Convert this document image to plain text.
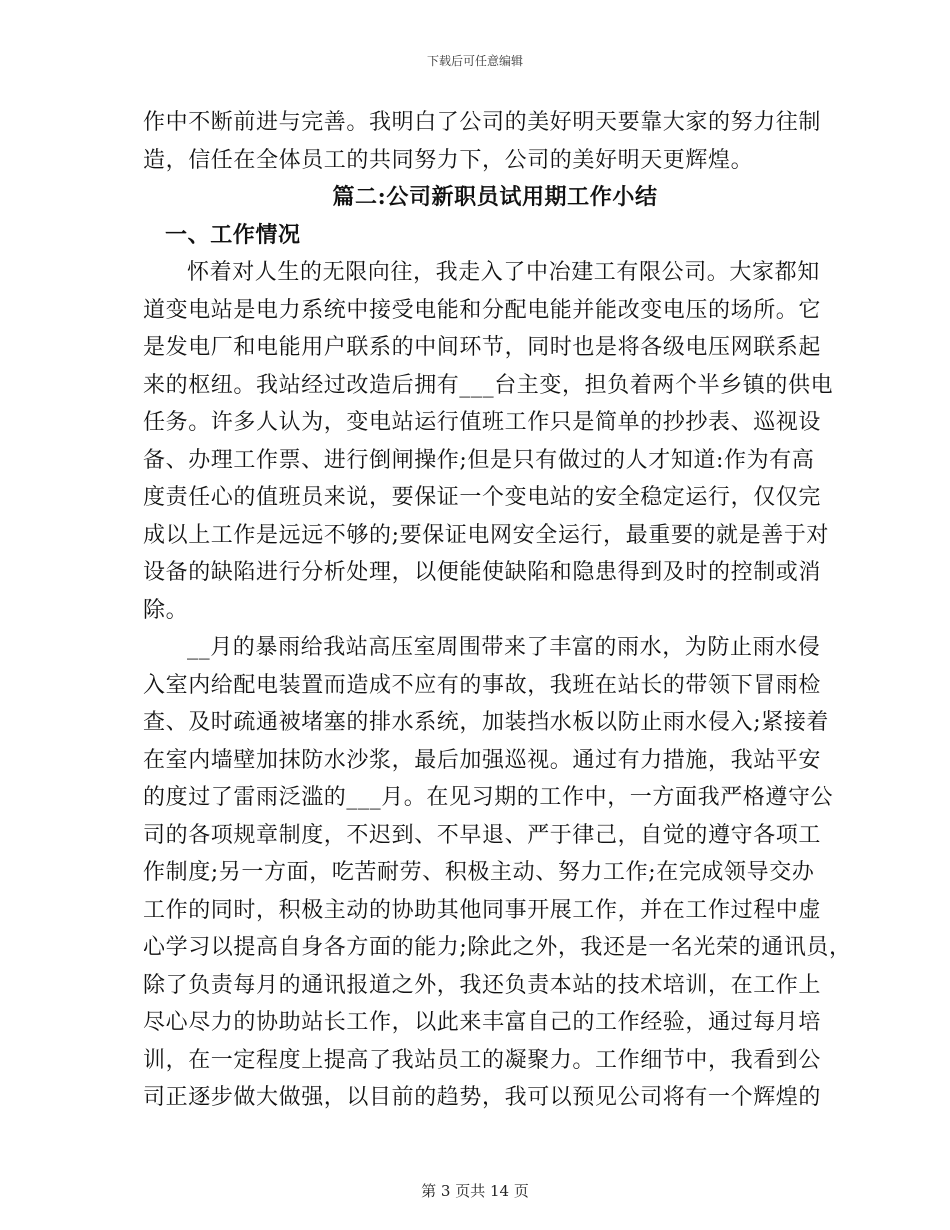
下载后可任意编辑
作中不断前进与完善。我明白了公司的美好明天要靠大家的努力往制
造，信任在全体员工的共同努力下，公司的美好明天更辉煌。
篇二:公司新职员试用期工作小结
一、工作情况
怀着对人生的无限向往，我走入了中冶建工有限公司。大家都知
道变电站是电力系统中接受电能和分配电能并能改变电压的场所。它
是发电厂和电能用户联系的中间环节，同时也是将各级电压网联系起
来的枢纽。我站经过改造后拥有___台主变，担负着两个半乡镇的供电
任务。许多人认为，变电站运行值班工作只是简单的抄抄表、巡视设
备、办理工作票、进行倒闸操作;但是只有做过的人才知道:作为有高
度责任心的值班员来说，要保证一个变电站的安全稳定运行，仅仅完
成以上工作是远远不够的;要保证电网安全运行，最重要的就是善于对
设备的缺陷进行分析处理，以便能使缺陷和隐患得到及时的控制或消
除。
__月的暴雨给我站高压室周围带来了丰富的雨水，为防止雨水侵
入室内给配电装置而造成不应有的事故，我班在站长的带领下冒雨检
查、及时疏通被堵塞的排水系统，加装挡水板以防止雨水侵入;紧接着
在室内墙壁加抹防水沙浆，最后加强巡视。通过有力措施，我站平安
的度过了雷雨泛滥的___月。在见习期的工作中，一方面我严格遵守公
司的各项规章制度，不迟到、不早退、严于律己，自觉的遵守各项工
作制度;另一方面，吃苦耐劳、积极主动、努力工作;在完成领导交办
工作的同时，积极主动的协助其他同事开展工作，并在工作过程中虚
心学习以提高自身各方面的能力;除此之外，我还是一名光荣的通讯员，
除了负责每月的通讯报道之外，我还负责本站的技术培训，在工作上
尽心尽力的协助站长工作，以此来丰富自己的工作经验，通过每月培
训，在一定程度上提高了我站员工的凝聚力。工作细节中，我看到公
司正逐步做大做强，以目前的趋势，我可以预见公司将有一个辉煌的
第 3 页共 14 页
